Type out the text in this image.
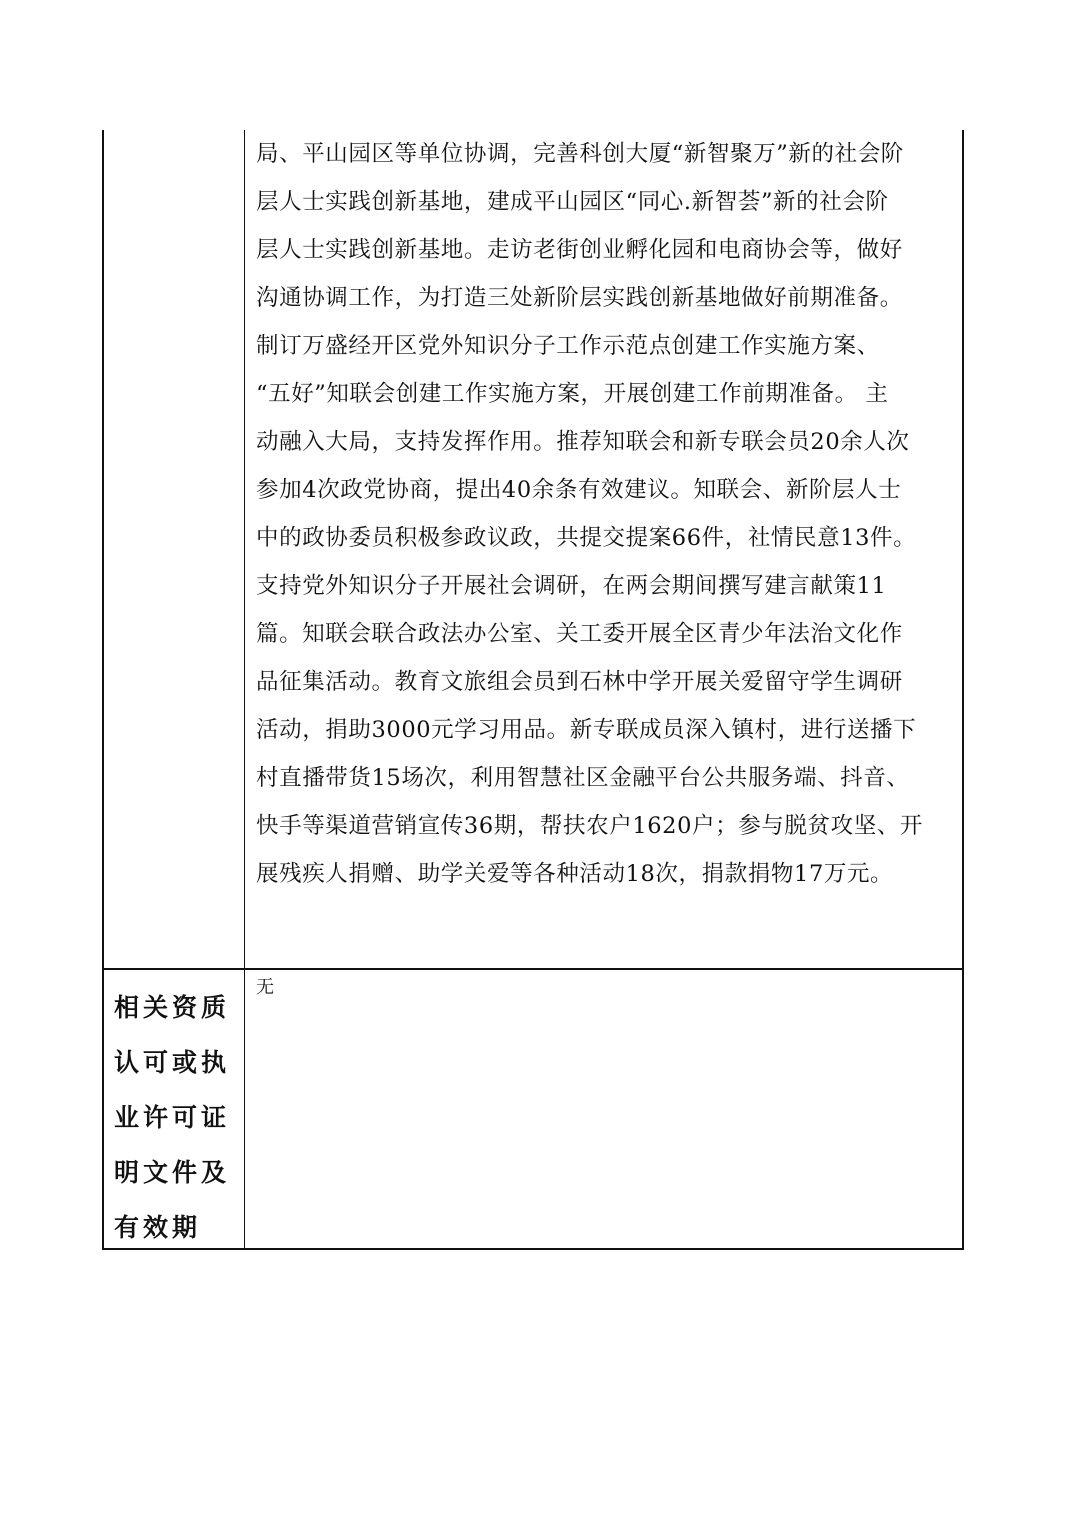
局、平山园区等单位协调，完善科创大厦“新智聚万”新的社会阶
层人士实践创新基地，建成平山园区“同心.新智荟”新的社会阶
层人士实践创新基地。走访老街创业孵化园和电商协会等，做好
沟通协调工作，为打造三处新阶层实践创新基地做好前期准备。
制订万盛经开区党外知识分子工作示范点创建工作实施方案、
“五好”知联会创建工作实施方案，开展创建工作前期准备。 主
动融入大局，支持发挥作用。推荐知联会和新专联会员20余人次
参加4次政党协商，提出40余条有效建议。知联会、新阶层人士
中的政协委员积极参政议政，共提交提案66件，社情民意13件。
支持党外知识分子开展社会调研，在两会期间撰写建言献策11
篇。知联会联合政法办公室、关工委开展全区青少年法治文化作
品征集活动。教育文旅组会员到石林中学开展关爱留守学生调研
活动，捐助3000元学习用品。新专联成员深入镇村，进行送播下
村直播带货15场次，利用智慧社区金融平台公共服务端、抖音、
快手等渠道营销宣传36期，帮扶农户1620户；参与脱贫攻坚、开
展残疾人捐赠、助学关爱等各种活动18次，捐款捐物17万元。
相关资质
认可或执
业许可证
明文件及
有效期
无
